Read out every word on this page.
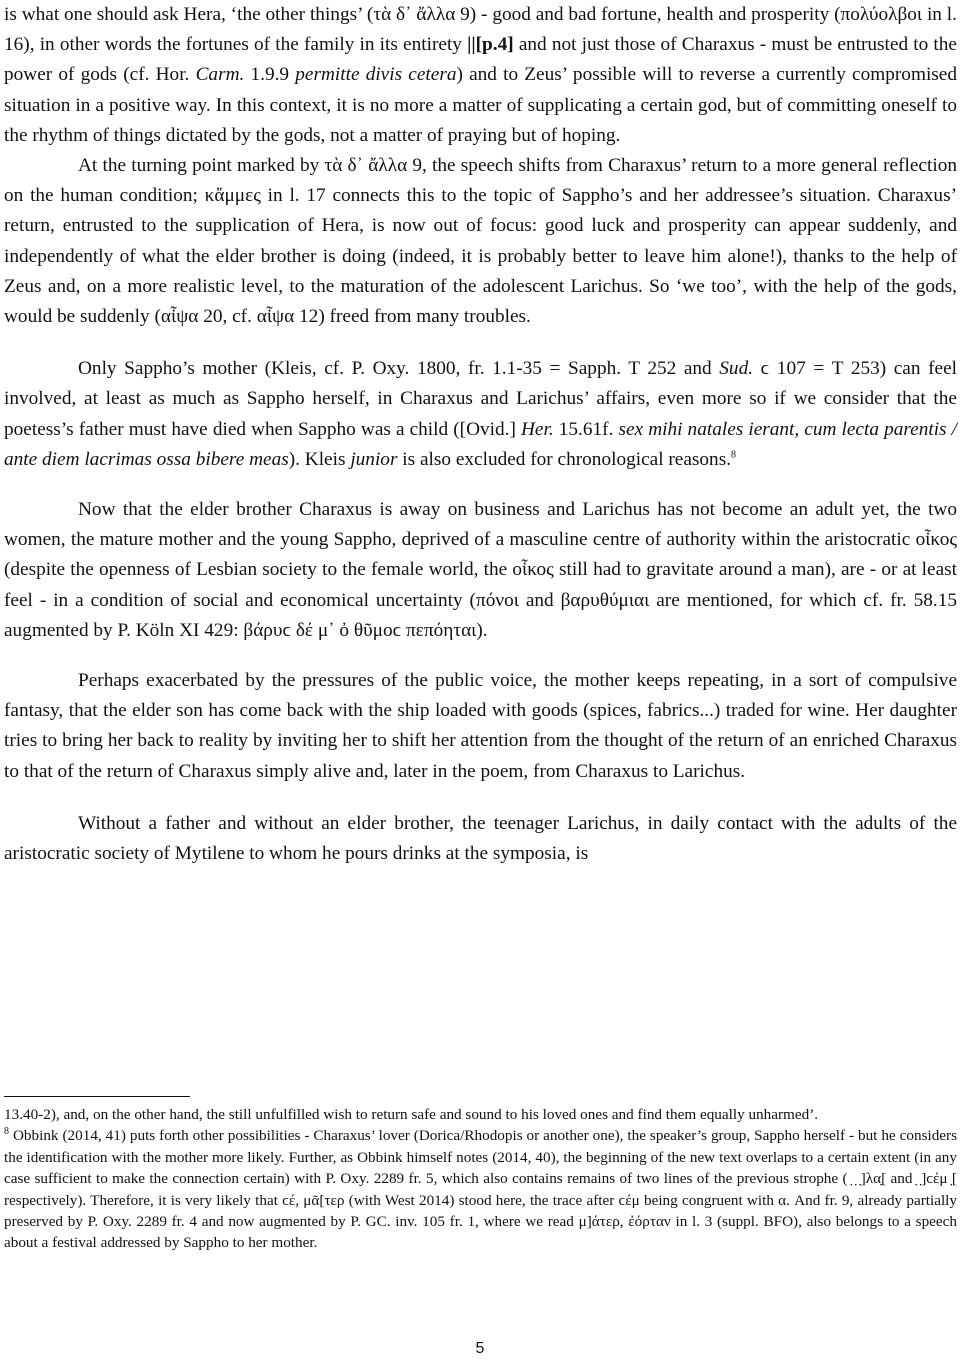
is what one should ask Hera, ‘the other things’ (τὰ δ᾿ ἄλλα 9) - good and bad fortune, health and prosperity (πολύολβοι in l. 16), in other words the fortunes of the family in its entirety ||[p.4] and not just those of Charaxus - must be entrusted to the power of gods (cf. Hor. Carm. 1.9.9 permitte divis cetera) and to Zeus’ possible will to reverse a currently compromised situation in a positive way. In this context, it is no more a matter of supplicating a certain god, but of committing oneself to the rhythm of things dictated by the gods, not a matter of praying but of hoping.

At the turning point marked by τὰ δ᾿ ἄλλα 9, the speech shifts from Charaxus’ return to a more general reflection on the human condition; κἄμμες in l. 17 connects this to the topic of Sappho’s and her addressee’s situation. Charaxus’ return, entrusted to the supplication of Hera, is now out of focus: good luck and prosperity can appear suddenly, and independently of what the elder brother is doing (indeed, it is probably better to leave him alone!), thanks to the help of Zeus and, on a more realistic level, to the maturation of the adolescent Larichus. So ‘we too’, with the help of the gods, would be suddenly (αἶψα 20, cf. αἶψα 12) freed from many troubles.

Only Sappho’s mother (Kleis, cf. P. Oxy. 1800, fr. 1.1-35 = Sapph. T 252 and Sud. ϲ 107 = T 253) can feel involved, at least as much as Sappho herself, in Charaxus and Larichus’ affairs, even more so if we consider that the poetess’s father must have died when Sappho was a child ([Ovid.] Her. 15.61f. sex mihi natales ierant, cum lecta parentis / ante diem lacrimas ossa bibere meas). Kleis junior is also excluded for chronological reasons.$^8$

Now that the elder brother Charaxus is away on business and Larichus has not become an adult yet, the two women, the mature mother and the young Sappho, deprived of a masculine centre of authority within the aristocratic οἶκος (despite the openness of Lesbian society to the female world, the οἶκος still had to gravitate around a man), are - or at least feel - in a condition of social and economical uncertainty (πόνοι and βαρυθύμιαι are mentioned, for which cf. fr. 58.15 augmented by P. Köln XI 429: βάρυϲ δέ μ᾿ ὀ θῦμοϲ πεπόηται).

Perhaps exacerbated by the pressures of the public voice, the mother keeps repeating, in a sort of compulsive fantasy, that the elder son has come back with the ship loaded with goods (spices, fabrics...) traded for wine. Her daughter tries to bring her back to reality by inviting her to shift her attention from the thought of the return of an enriched Charaxus to that of the return of Charaxus simply alive and, later in the poem, from Charaxus to Larichus.

Without a father and without an elder brother, the teenager Larichus, in daily contact with the adults of the aristocratic society of Mytilene to whom he pours drinks at the symposia, is

13.40-2), and, on the other hand, the still unfulfilled wish to return safe and sound to his loved ones and find them equally unharmed’.

$^8$ Obbink (2014, 41) puts forth other possibilities - Charaxus’ lover (Dorica/Rhodopis or another one), the speaker’s group, Sappho herself - but he considers the identification with the mother more likely. Further, as Obbink himself notes (2014, 40), the beginning of the new text overlaps to a certain extent (in any case sufficient to make the connection certain) with P. Oxy. 2289 fr. 5, which also contains remains of two lines of the previous strophe ( ̣ ̣ ̣]λα̣[ and ̣ ̣]ϲέμ ̣[ respectively). Therefore, it is very likely that ϲέ, μᾶ[τερ (with West 2014) stood here, the trace after ϲέμ being congruent with α. And fr. 9, already partially preserved by P. Oxy. 2289 fr. 4 and now augmented by P. GC. inv. 105 fr. 1, where we read μ]άτερ, ἐόρταν in l. 3 (suppl. BFO), also belongs to a speech about a festival addressed by Sappho to her mother.

5
